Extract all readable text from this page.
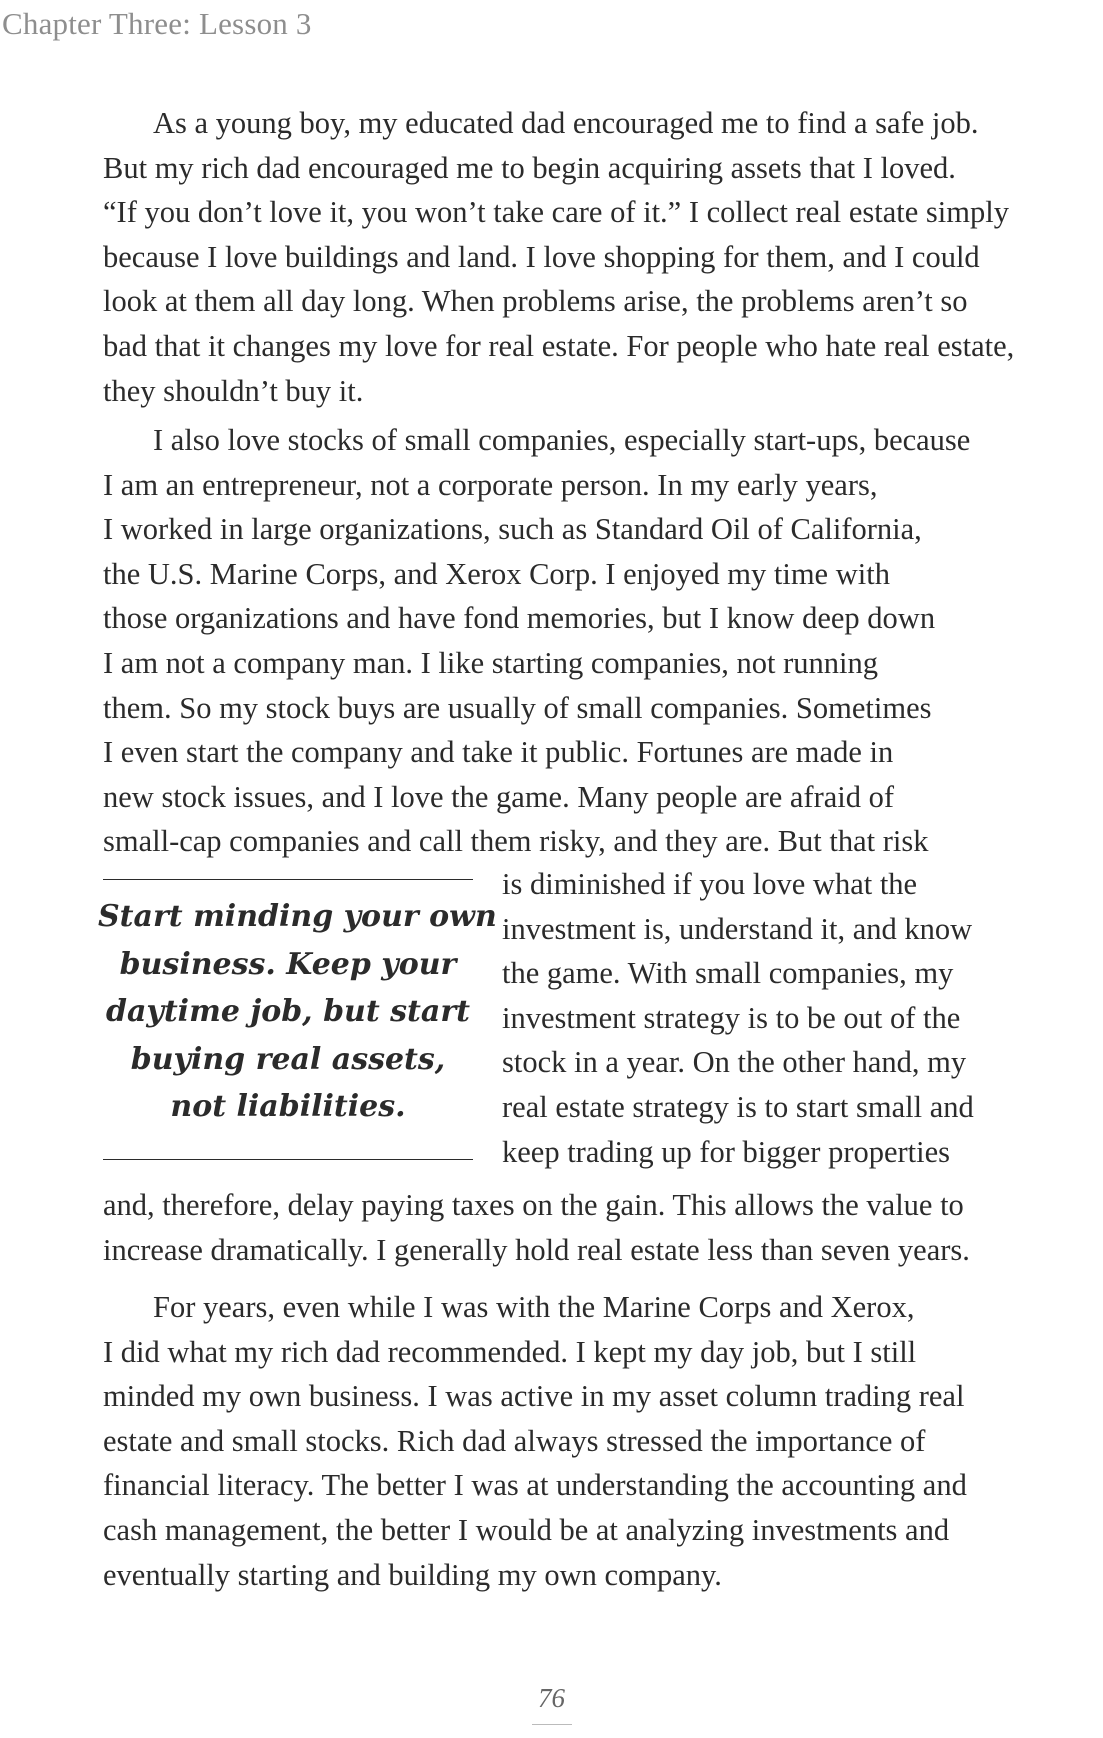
Chapter Three: Lesson 3
As a young boy, my educated dad encouraged me to find a safe job.
But my rich dad encouraged me to begin acquiring assets that I loved.
“If you don’t love it, you won’t take care of it.” I collect real estate simply
because I love buildings and land. I love shopping for them, and I could
look at them all day long. When problems arise, the problems aren’t so
bad that it changes my love for real estate. For people who hate real estate,
they shouldn’t buy it.
I also love stocks of small companies, especially start-ups, because
I am an entrepreneur, not a corporate person. In my early years,
I worked in large organizations, such as Standard Oil of California,
the U.S. Marine Corps, and Xerox Corp. I enjoyed my time with
those organizations and have fond memories, but I know deep down
I am not a company man. I like starting companies, not running
them. So my stock buys are usually of small companies. Sometimes
I even start the company and take it public. Fortunes are made in
new stock issues, and I love the game. Many people are afraid of
small-cap companies and call them risky, and they are. But that risk
Start minding your own
business. Keep your
daytime job, but start
buying real assets,
not liabilities.
is diminished if you love what the
investment is, understand it, and know
the game. With small companies, my
investment strategy is to be out of the
stock in a year. On the other hand, my
real estate strategy is to start small and
keep trading up for bigger properties
and, therefore, delay paying taxes on the gain. This allows the value to
increase dramatically. I generally hold real estate less than seven years.
For years, even while I was with the Marine Corps and Xerox,
I did what my rich dad recommended. I kept my day job, but I still
minded my own business. I was active in my asset column trading real
estate and small stocks. Rich dad always stressed the importance of
financial literacy. The better I was at understanding the accounting and
cash management, the better I would be at analyzing investments and
eventually starting and building my own company.
76
